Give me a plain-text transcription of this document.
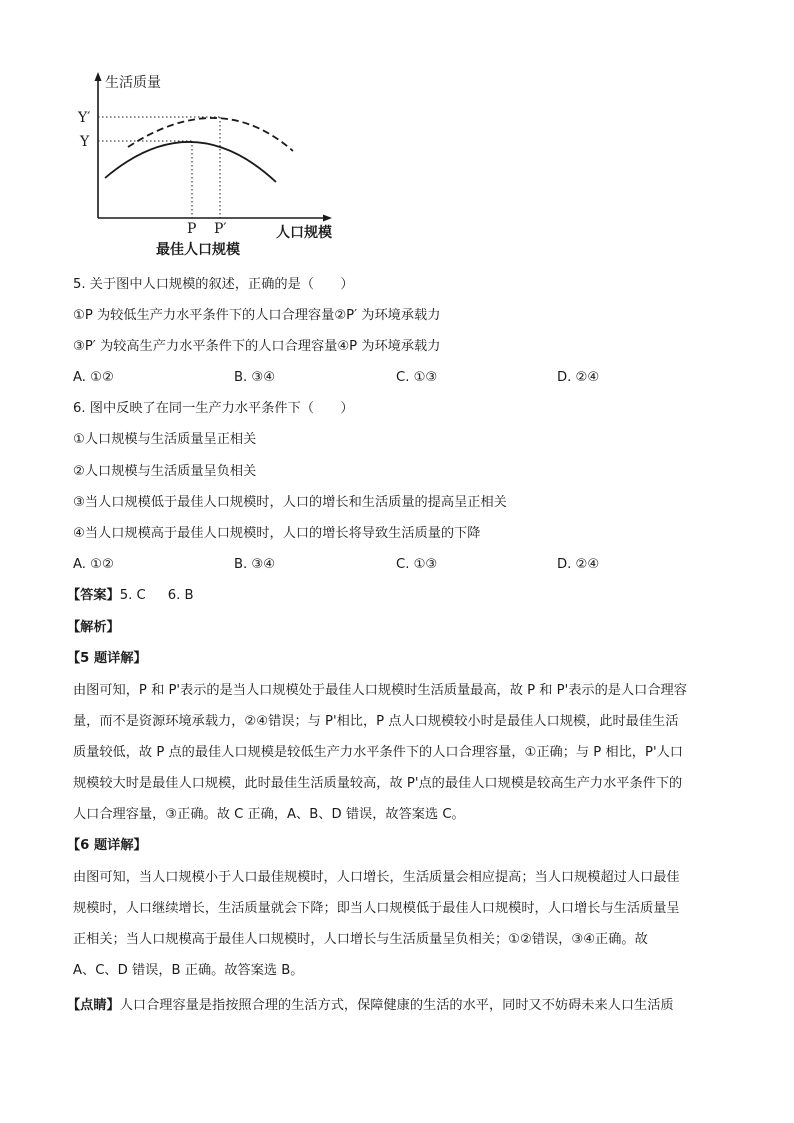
生活质量
Y′
Y
P P′	人口规模
最佳人口规模
5. 关于图中人口规模的叙述，正确的是（　　）
①P 为较低生产力水平条件下的人口合理容量②P′ 为环境承载力
③P′ 为较高生产力水平条件下的人口合理容量④P 为环境承载力
A. ①②	B. ③④	C. ①③	D. ②④
6. 图中反映了在同一生产力水平条件下（　　）
①人口规模与生活质量呈正相关
②人口规模与生活质量呈负相关
③当人口规模低于最佳人口规模时，人口的增长和生活质量的提高呈正相关
④当人口规模高于最佳人口规模时，人口的增长将导致生活质量的下降
A. ①②	B. ③④	C. ①③	D. ②④
【答案】5. C 6. B
【解析】
【5 题详解】
由图可知，P 和 P'表示的是当人口规模处于最佳人口规模时生活质量最高，故 P 和 P'表示的是人口合理容
量，而不是资源环境承载力，②④错误；与 P'相比，P 点人口规模较小时是最佳人口规模，此时最佳生活
质量较低，故 P 点的最佳人口规模是较低生产力水平条件下的人口合理容量，①正确；与 P 相比，P'人口
规模较大时是最佳人口规模，此时最佳生活质量较高，故 P'点的最佳人口规模是较高生产力水平条件下的
人口合理容量，③正确。故 C 正确，A、B、D 错误，故答案选 C。
【6 题详解】
由图可知，当人口规模小于人口最佳规模时，人口增长，生活质量会相应提高；当人口规模超过人口最佳
规模时，人口继续增长，生活质量就会下降；即当人口规模低于最佳人口规模时，人口增长与生活质量呈
正相关；当人口规模高于最佳人口规模时，人口增长与生活质量呈负相关；①②错误，③④正确。故
A、C、D 错误，B 正确。故答案选 B。
【点睛】人口合理容量是指按照合理的生活方式，保障健康的生活的水平，同时又不妨碍未来人口生活质
